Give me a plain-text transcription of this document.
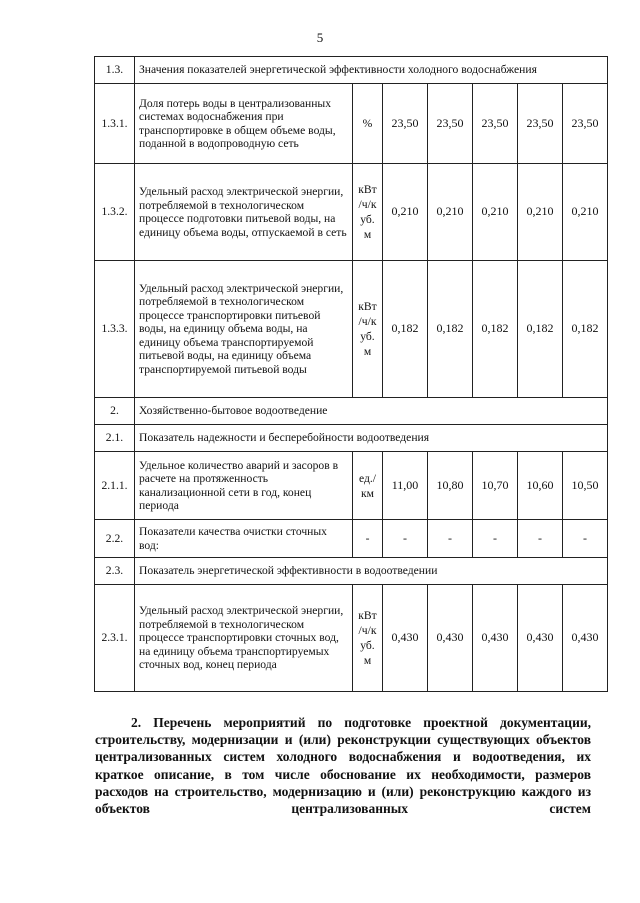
5
1.3.	Значения показателей энергетической эффективности холодного водоснабжения						
1.3.1.	Доля потерь воды в централизованных системах водоснабжения при транспортировке в общем объеме воды, поданной в водопроводную сеть	%	23,50	23,50	23,50	23,50	23,50
1.3.2.	Удельный расход электрической энергии, потребляемой в технологическом процессе подготовки питьевой воды, на единицу объема воды, отпускаемой в сеть	кВт /ч/к уб. м	0,210	0,210	0,210	0,210	0,210
1.3.3.	Удельный расход электрической энергии, потребляемой в технологическом процессе транспортировки питьевой воды, на единицу объема воды, на единицу объема транспортируемой питьевой воды, на единицу объема транспортируемой питьевой воды	кВт /ч/к уб. м	0,182	0,182	0,182	0,182	0,182
2.	Хозяйственно-бытовое водоотведение						
2.1.	Показатель надежности и бесперебойности водоотведения						
2.1.1.	Удельное количество аварий и засоров в расчете на протяженность канализационной сети в год, конец периода	ед./ км	11,00	10,80	10,70	10,60	10,50
2.2.	Показатели качества очистки сточных вод:	-	-	-	-	-	-
2.3.	Показатель энергетической эффективности в водоотведении						
2.3.1.	Удельный расход электрической энергии, потребляемой в технологическом процессе транспортировки сточных вод, на единицу объема транспортируемых сточных вод, конец периода	кВт /ч/к уб. м	0,430	0,430	0,430	0,430	0,430
2. Перечень мероприятий по подготовке проектной документации, строительству, модернизации и (или) реконструкции существующих объектов централизованных систем холодного водоснабжения и водоотведения, их краткое описание, в том числе обоснование их необходимости, размеров расходов на строительство, модернизацию и (или) реконструкцию каждого из объектов централизованных систем
